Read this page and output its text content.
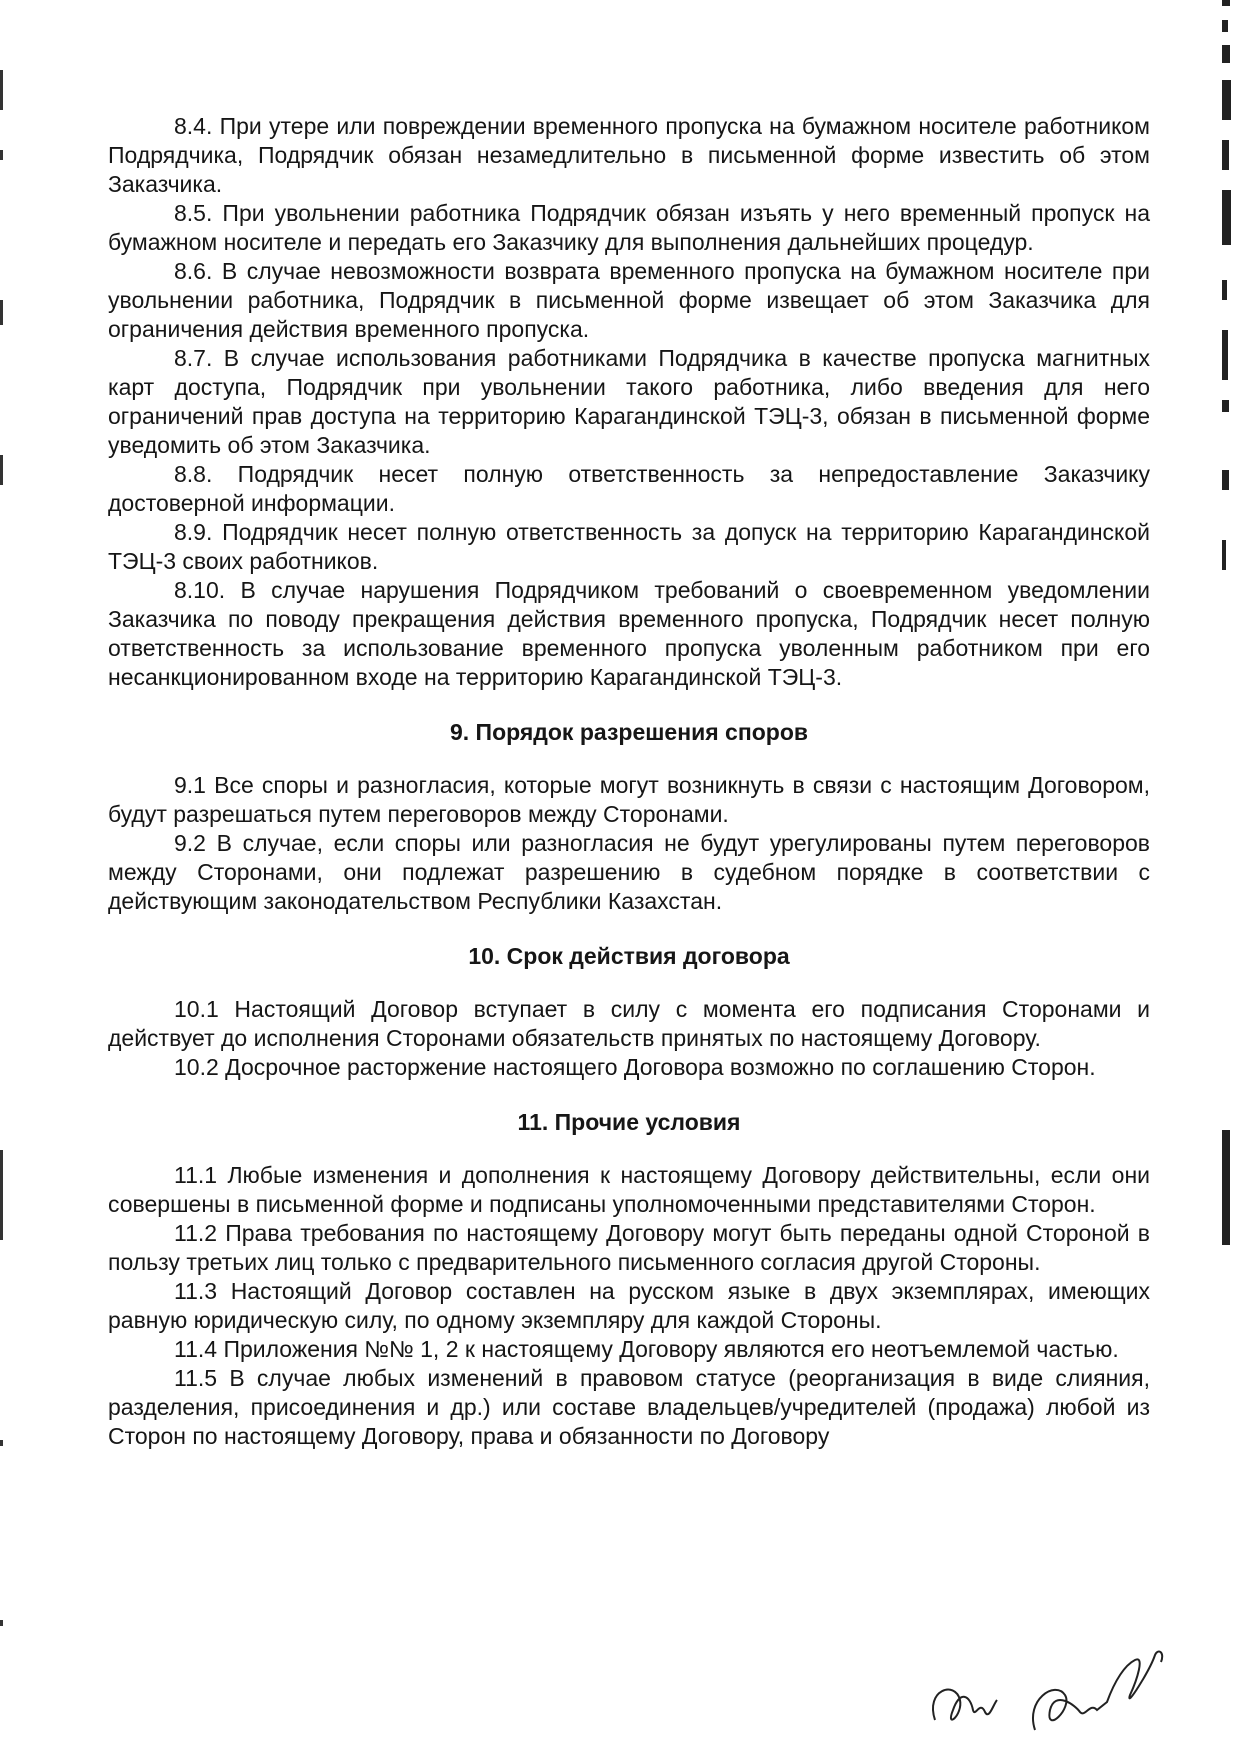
8.4. При утере или повреждении временного пропуска на бумажном носителе работником Подрядчика, Подрядчик обязан незамедлительно в письменной форме известить об этом Заказчика.

8.5. При увольнении работника Подрядчик обязан изъять у него временный пропуск на бумажном носителе и передать его Заказчику для выполнения дальнейших процедур.

8.6. В случае невозможности возврата временного пропуска на бумажном носителе при увольнении работника, Подрядчик в письменной форме извещает об этом Заказчика для ограничения действия временного пропуска.

8.7. В случае использования работниками Подрядчика в качестве пропуска магнитных карт доступа, Подрядчик при увольнении такого работника, либо введения для него ограничений прав доступа на территорию Карагандинской ТЭЦ-3, обязан в письменной форме уведомить об этом Заказчика.

8.8. Подрядчик несет полную ответственность за непредоставление Заказчику достоверной информации.

8.9. Подрядчик несет полную ответственность за допуск на территорию Карагандинской ТЭЦ-3 своих работников.

8.10. В случае нарушения Подрядчиком требований о своевременном уведомлении Заказчика по поводу прекращения действия временного пропуска, Подрядчик несет полную ответственность за использование временного пропуска уволенным работником при его несанкционированном входе на территорию Карагандинской ТЭЦ-3.

9. Порядок разрешения споров

9.1 Все споры и разногласия, которые могут возникнуть в связи с настоящим Договором, будут разрешаться путем переговоров между Сторонами.

9.2 В случае, если споры или разногласия не будут урегулированы путем переговоров между Сторонами, они подлежат разрешению в судебном порядке в соответствии с действующим законодательством Республики Казахстан.

10. Срок действия договора

10.1 Настоящий Договор вступает в силу с момента его подписания Сторонами и действует до исполнения Сторонами обязательств принятых по настоящему Договору.

10.2 Досрочное расторжение настоящего Договора возможно по соглашению Сторон.

11. Прочие условия

11.1 Любые изменения и дополнения к настоящему Договору действительны, если они совершены в письменной форме и подписаны уполномоченными представителями Сторон.

11.2 Права требования по настоящему Договору могут быть переданы одной Стороной в пользу третьих лиц только с предварительного письменного согласия другой Стороны.

11.3 Настоящий Договор составлен на русском языке в двух экземплярах, имеющих равную юридическую силу, по одному экземпляру для каждой Стороны.

11.4 Приложения №№ 1, 2 к настоящему Договору являются его неотъемлемой частью.

11.5 В случае любых изменений в правовом статусе (реорганизация в виде слияния, разделения, присоединения и др.) или составе владельцев/учредителей (продажа) любой из Сторон по настоящему Договору, права и обязанности по Договору
